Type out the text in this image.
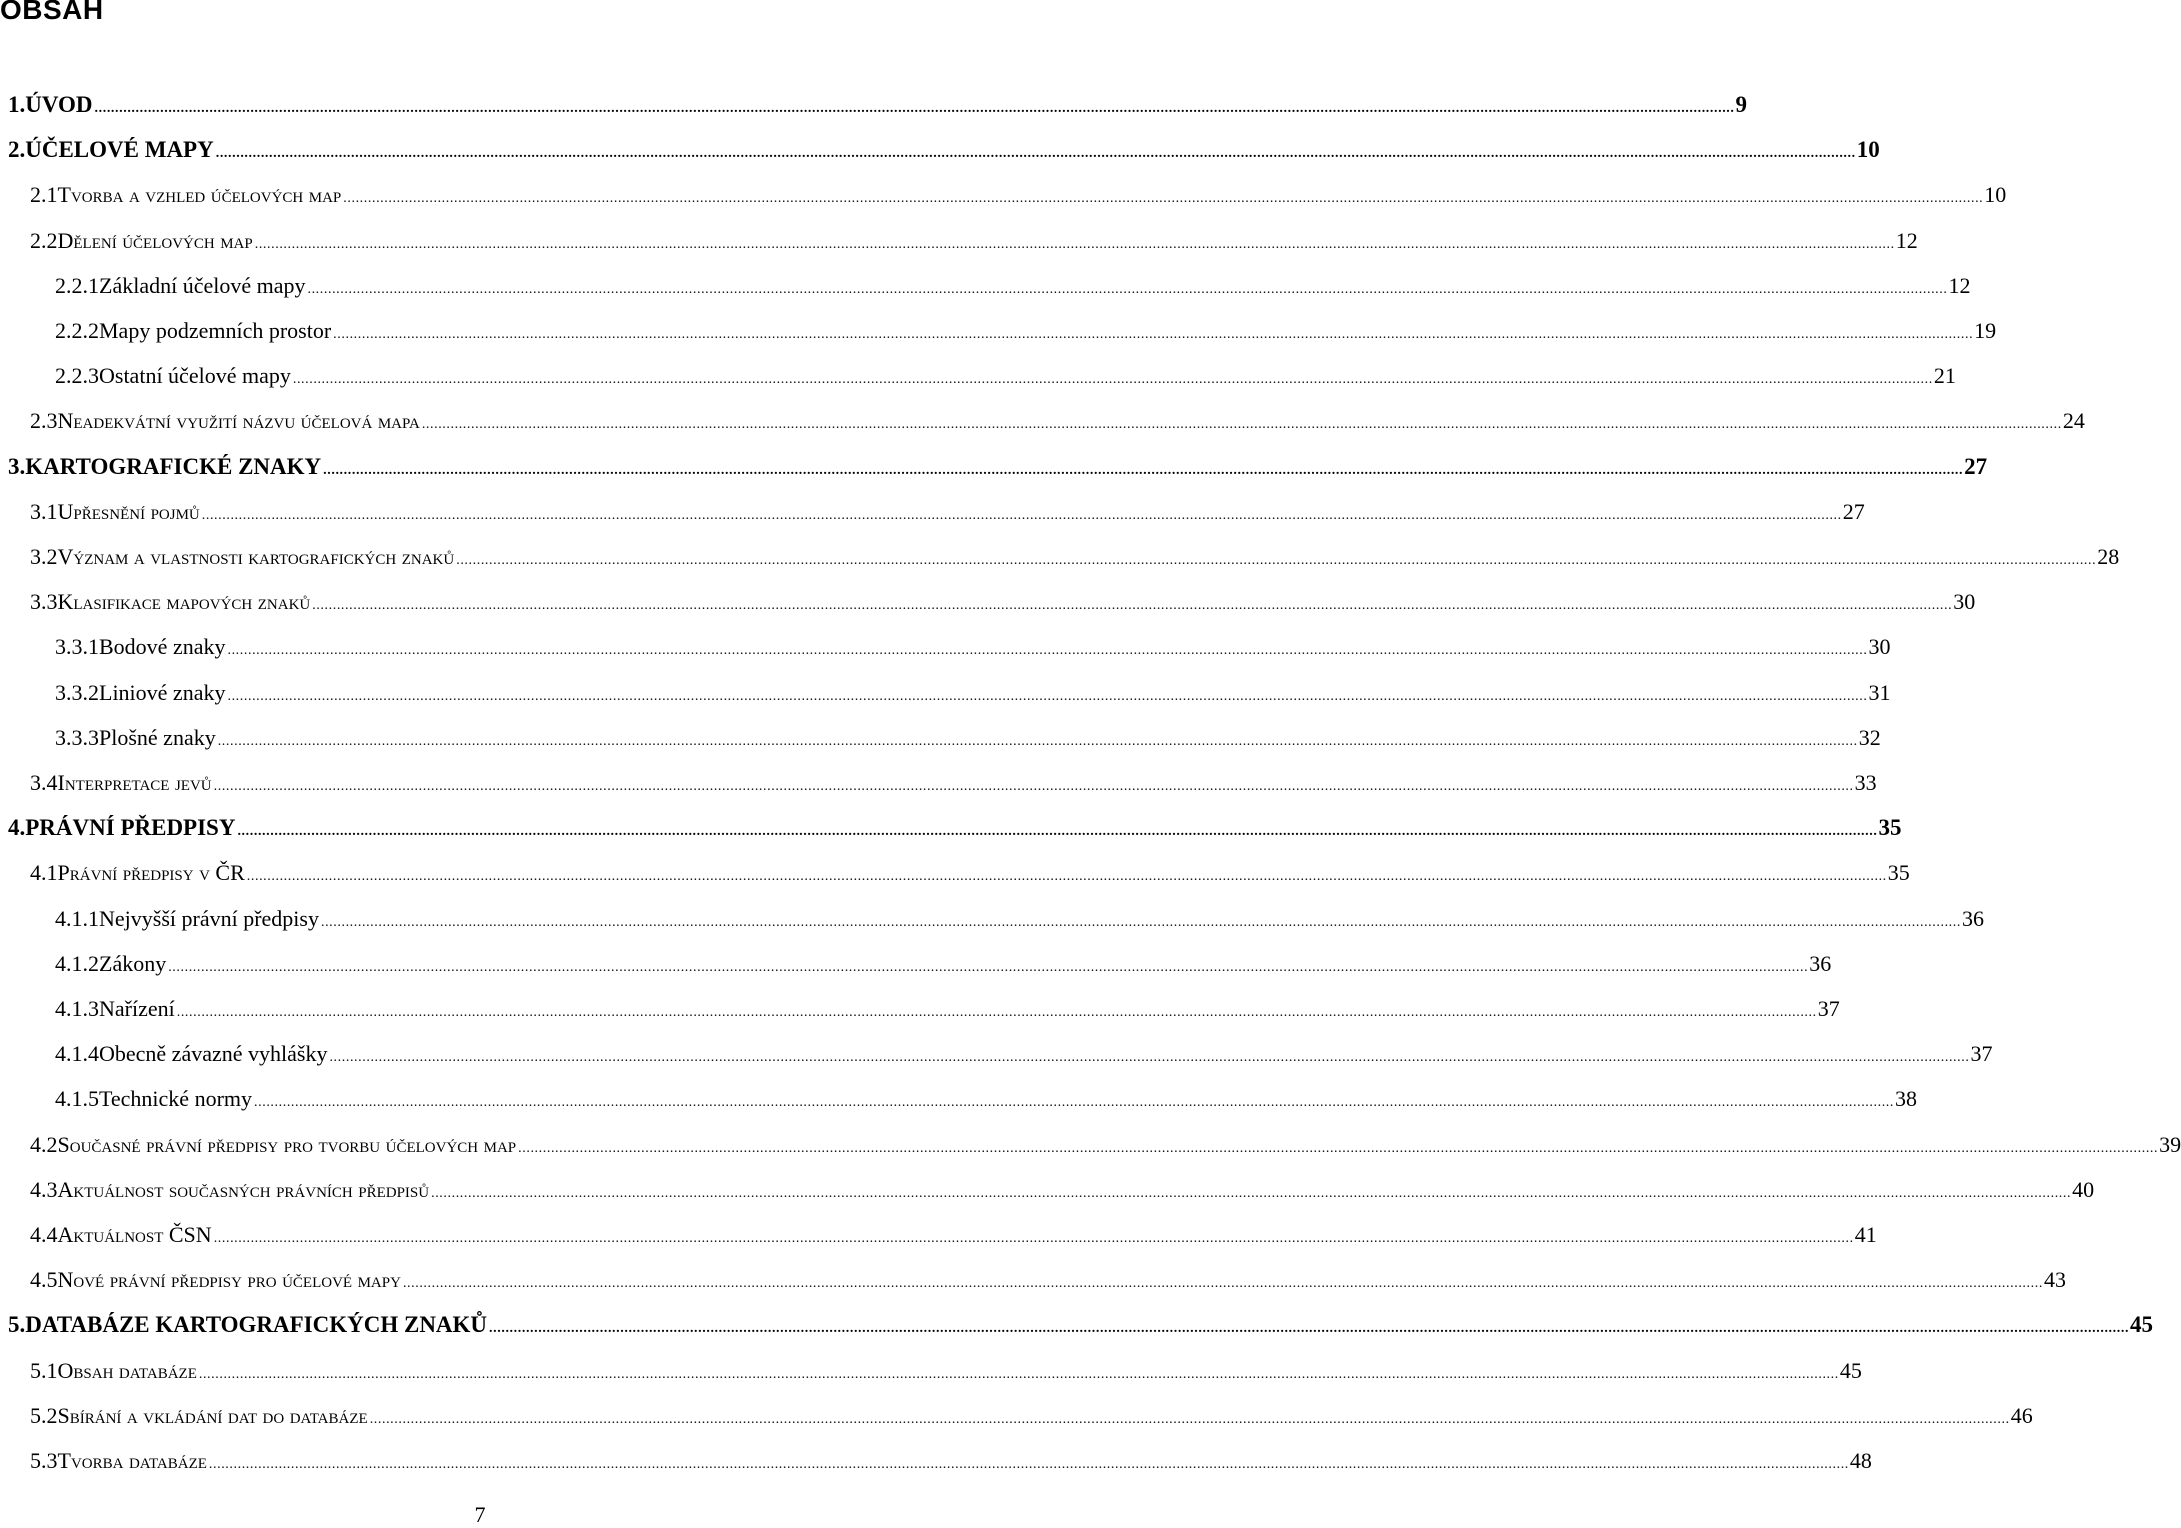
OBSAH
1. ÚVOD ................................................................................................................................................................................................................................................................................................................................................................................................................ 9
2. ÚČELOVÉ MAPY ................................................................................................................................................................................................................................................................................................................................................................................................................ 10
2.1 Tvorba a vzhled účelových map ................................................................................................................................................................................................................................................................................................................................................................................................................ 10
2.2 Dělení účelových map ................................................................................................................................................................................................................................................................................................................................................................................................................ 12
2.2.1 Základní účelové mapy ................................................................................................................................................................................................................................................................................................................................................................................................................ 12
2.2.2 Mapy podzemních prostor ................................................................................................................................................................................................................................................................................................................................................................................................................ 19
2.2.3 Ostatní účelové mapy ................................................................................................................................................................................................................................................................................................................................................................................................................ 21
2.3 Neadekvátní využití názvu účelová mapa ................................................................................................................................................................................................................................................................................................................................................................................................................ 24
3. KARTOGRAFICKÉ ZNAKY ................................................................................................................................................................................................................................................................................................................................................................................................................ 27
3.1 Upřesnění pojmů ................................................................................................................................................................................................................................................................................................................................................................................................................ 27
3.2 Význam a vlastnosti kartografických znaků ................................................................................................................................................................................................................................................................................................................................................................................................................ 28
3.3 Klasifikace mapových znaků ................................................................................................................................................................................................................................................................................................................................................................................................................ 30
3.3.1 Bodové znaky ................................................................................................................................................................................................................................................................................................................................................................................................................ 30
3.3.2 Liniové znaky ................................................................................................................................................................................................................................................................................................................................................................................................................ 31
3.3.3 Plošné znaky ................................................................................................................................................................................................................................................................................................................................................................................................................ 32
3.4 Interpretace jevů ................................................................................................................................................................................................................................................................................................................................................................................................................ 33
4. PRÁVNÍ PŘEDPISY ................................................................................................................................................................................................................................................................................................................................................................................................................ 35
4.1 Právní předpisy v ČR ................................................................................................................................................................................................................................................................................................................................................................................................................ 35
4.1.1 Nejvyšší právní předpisy ................................................................................................................................................................................................................................................................................................................................................................................................................ 36
4.1.2 Zákony ................................................................................................................................................................................................................................................................................................................................................................................................................ 36
4.1.3 Nařízení ................................................................................................................................................................................................................................................................................................................................................................................................................ 37
4.1.4 Obecně závazné vyhlášky ................................................................................................................................................................................................................................................................................................................................................................................................................ 37
4.1.5 Technické normy ................................................................................................................................................................................................................................................................................................................................................................................................................ 38
4.2 Současné právní předpisy pro tvorbu účelových map ................................................................................................................................................................................................................................................................................................................................................................................................................ 39
4.3 Aktuálnost současných právních předpisů ................................................................................................................................................................................................................................................................................................................................................................................................................ 40
4.4 Aktuálnost ČSN ................................................................................................................................................................................................................................................................................................................................................................................................................ 41
4.5 Nové právní předpisy pro účelové mapy ................................................................................................................................................................................................................................................................................................................................................................................................................ 43
5. DATABÁZE KARTOGRAFICKÝCH ZNAKŮ ................................................................................................................................................................................................................................................................................................................................................................................................................ 45
5.1 Obsah databáze ................................................................................................................................................................................................................................................................................................................................................................................................................ 45
5.2 Sbírání a vkládání dat do databáze ................................................................................................................................................................................................................................................................................................................................................................................................................ 46
5.3 Tvorba databáze ................................................................................................................................................................................................................................................................................................................................................................................................................ 48
7
